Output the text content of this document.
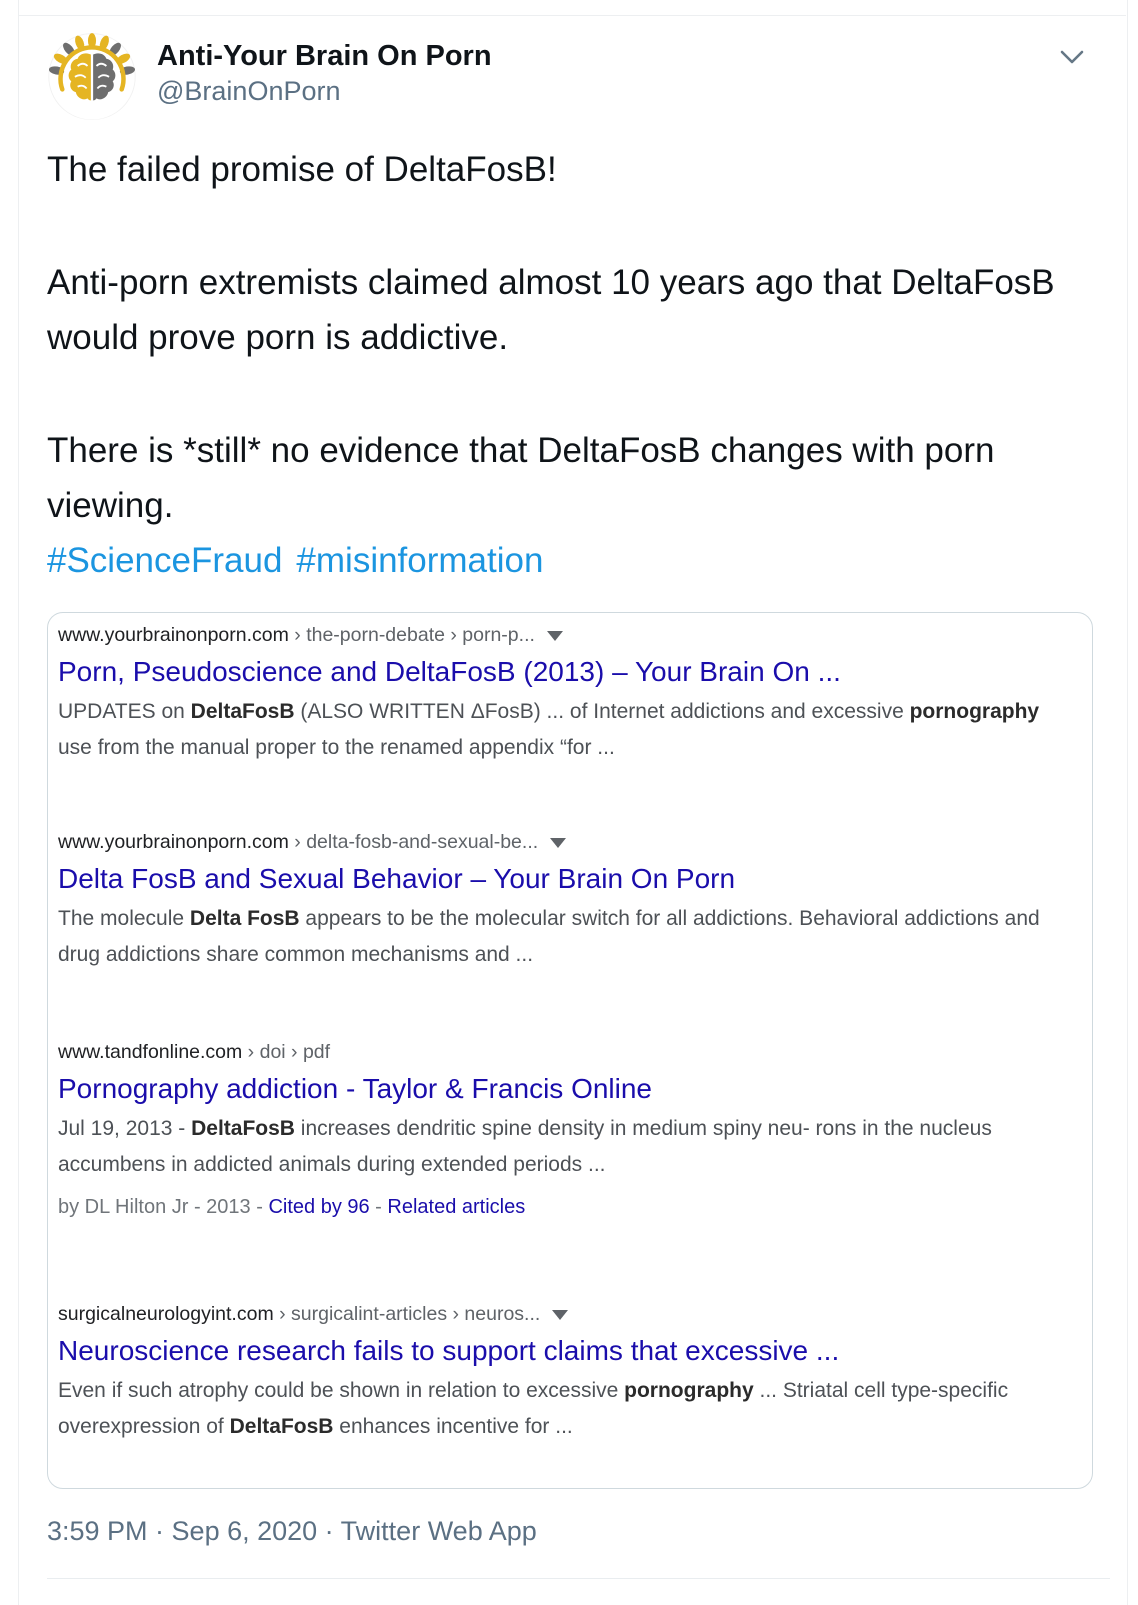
Anti-Your Brain On Porn
@BrainOnPorn

The failed promise of DeltaFosB!

Anti-porn extremists claimed almost 10 years ago that DeltaFosB would prove porn is addictive.

There is *still* no evidence that DeltaFosB changes with porn viewing.
#ScienceFraud #misinformation

www.yourbrainonporn.com › the-porn-debate › porn-p...
Porn, Pseudoscience and DeltaFosB (2013) – Your Brain On ...
UPDATES on DeltaFosB (ALSO WRITTEN ΔFosB) ... of Internet addictions and excessive pornography use from the manual proper to the renamed appendix “for ...
www.yourbrainonporn.com › delta-fosb-and-sexual-be...
Delta FosB and Sexual Behavior – Your Brain On Porn
The molecule Delta FosB appears to be the molecular switch for all addictions. Behavioral addictions and drug addictions share common mechanisms and ...
www.tandfonline.com › doi › pdf
Pornography addiction - Taylor & Francis Online
Jul 19, 2013 - DeltaFosB increases dendritic spine density in medium spiny neu- rons in the nucleus accumbens in addicted animals during extended periods ...
by DL Hilton Jr - 2013 - Cited by 96 - Related articles
surgicalneurologyint.com › surgicalint-articles › neuros...
Neuroscience research fails to support claims that excessive ...
Even if such atrophy could be shown in relation to excessive pornography ... Striatal cell type-specific overexpression of DeltaFosB enhances incentive for ...
3:59 PM · Sep 6, 2020 · Twitter Web App
